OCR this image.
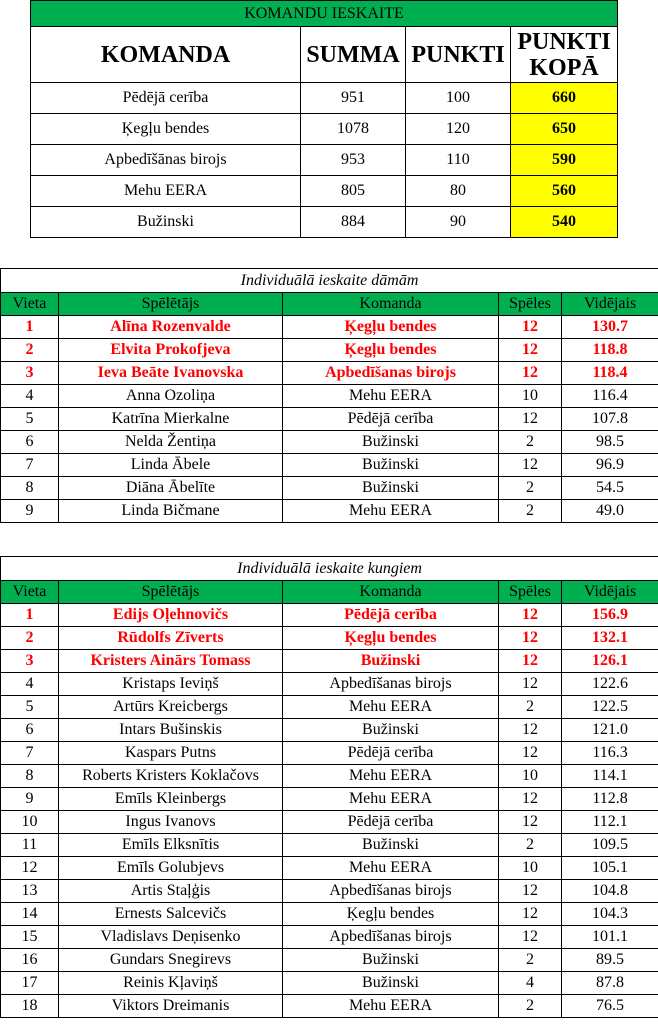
KOMANDU IESKAITE			
KOMANDA	SUMMA	PUNKTI	PUNKTI KOPĀ
Pēdējā cerība	951	100	660
Ķegļu bendes	1078	120	650
Apbedīšānas birojs	953	110	590
Mehu EERA	805	80	560
Bužinski	884	90	540
Individuālā ieskaite dāmām				
Vieta	Spēlētājs	Komanda	Spēles	Vidējais
1	Alīna Rozenvalde	Ķegļu bendes	12	130.7
2	Elvita Prokofjeva	Ķegļu bendes	12	118.8
3	Ieva Beāte Ivanovska	Apbedīšanas birojs	12	118.4
4	Anna Ozoliņa	Mehu EERA	10	116.4
5	Katrīna Mierkalne	Pēdējā cerība	12	107.8
6	Nelda Žentiņa	Bužinski	2	98.5
7	Linda Ābele	Bužinski	12	96.9
8	Diāna Ābelīte	Bužinski	2	54.5
9	Linda Bičmane	Mehu EERA	2	49.0
Individuālā ieskaite kungiem				
Vieta	Spēlētājs	Komanda	Spēles	Vidējais
1	Edijs Oļehnovičs	Pēdējā cerība	12	156.9
2	Rūdolfs Zīverts	Ķegļu bendes	12	132.1
3	Kristers Ainārs Tomass	Bužinski	12	126.1
4	Kristaps Ieviņš	Apbedīšanas birojs	12	122.6
5	Artūrs Kreicbergs	Mehu EERA	2	122.5
6	Intars Bušinskis	Bužinski	12	121.0
7	Kaspars Putns	Pēdējā cerība	12	116.3
8	Roberts Kristers Koklačovs	Mehu EERA	10	114.1
9	Emīls Kleinbergs	Mehu EERA	12	112.8
10	Ingus Ivanovs	Pēdējā cerība	12	112.1
11	Emīls Elksnītis	Bužinski	2	109.5
12	Emīls Golubjevs	Mehu EERA	10	105.1
13	Artis Staļģis	Apbedīšanas birojs	12	104.8
14	Ernests Salcevičs	Ķegļu bendes	12	104.3
15	Vladislavs Deņisenko	Apbedīšanas birojs	12	101.1
16	Gundars Snegirevs	Bužinski	2	89.5
17	Reinis Kļaviņš	Bužinski	4	87.8
18	Viktors Dreimanis	Mehu EERA	2	76.5
